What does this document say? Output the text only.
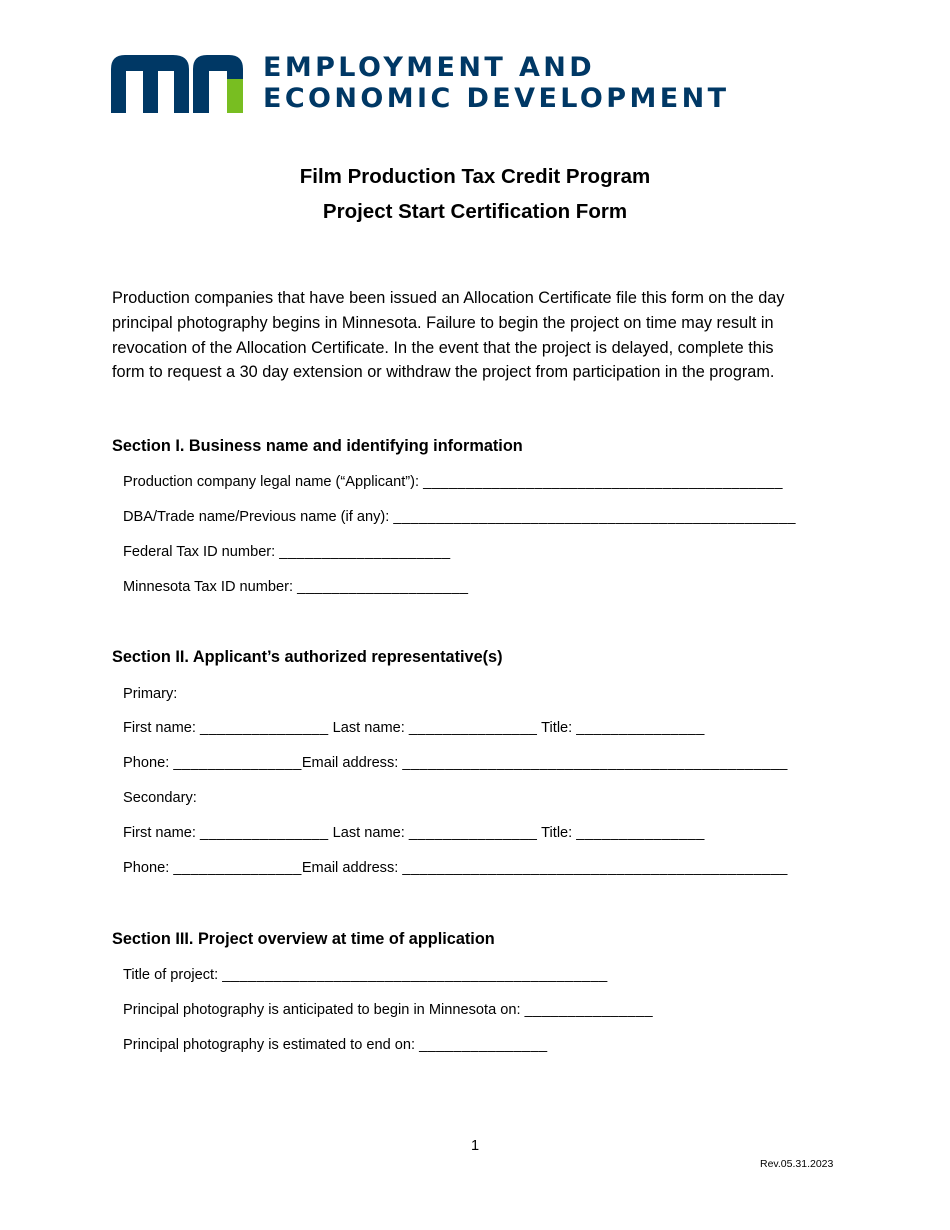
EMPLOYMENT AND
ECONOMIC DEVELOPMENT
Film Production Tax Credit Program
Project Start Certification Form
Production companies that have been issued an Allocation Certificate file this form on the day
principal photography begins in Minnesota. Failure to begin the project on time may result in
revocation of the Allocation Certificate. In the event that the project is delayed, complete this
form to request a 30 day extension or withdraw the project from participation in the program.
Section I. Business name and identifying information
Production company legal name (“Applicant”): __________________________________________
DBA/Trade name/Previous name (if any): _______________________________________________
Federal Tax ID number: ____________________
Minnesota Tax ID number: ____________________
Section II. Applicant’s authorized representative(s)
Primary:
First name: _______________ Last name: _______________ Title: _______________
Phone: _______________Email address: _____________________________________________
Secondary:
First name: _______________ Last name: _______________ Title: _______________
Phone: _______________Email address: _____________________________________________
Section III. Project overview at time of application
Title of project: _____________________________________________
Principal photography is anticipated to begin in Minnesota on: _______________
Principal photography is estimated to end on: _______________
1
Rev.05.31.2023
